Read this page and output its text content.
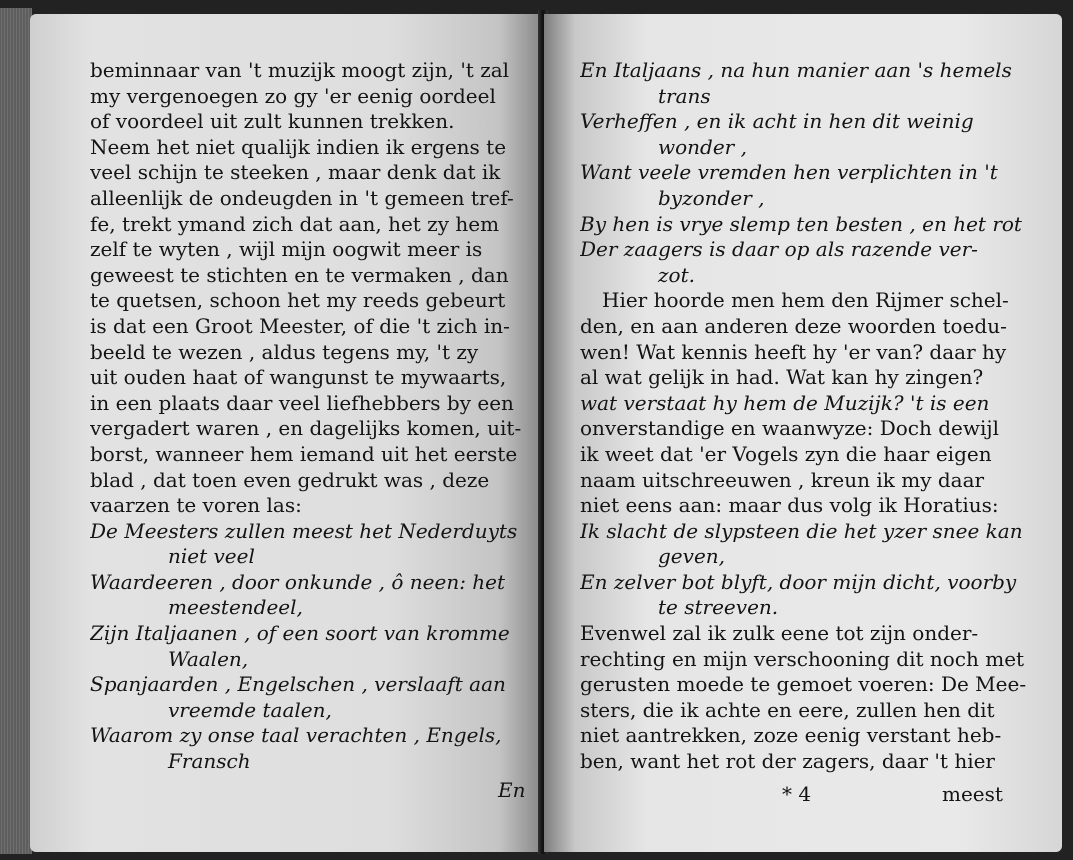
beminnaar van 't muzijk moogt zijn, 't zal
my vergenoegen zo gy 'er eenig oordeel
of voordeel uit zult kunnen trekken.
Neem het niet qualijk indien ik ergens te
veel schijn te steeken , maar denk dat ik
alleenlijk de ondeugden in 't gemeen tref-
fe, trekt ymand zich dat aan, het zy hem
zelf te wyten , wijl mijn oogwit meer is
geweest te stichten en te vermaken , dan
te quetsen, schoon het my reeds gebeurt
is dat een Groot Meester, of die 't zich in-
beeld te wezen , aldus tegens my, 't zy
uit ouden haat of wangunst te mywaarts,
in een plaats daar veel liefhebbers by een
vergadert waren , en dagelijks komen, uit-
borst, wanneer hem iemand uit het eerste
blad , dat toen even gedrukt was , deze
vaarzen te voren las:
De Meesters zullen meest het Nederduyts
niet veel
Waardeeren , door onkunde , ô neen: het
meestendeel,
Zijn Italjaanen , of een soort van kromme
Waalen,
Spanjaarden , Engelschen , verslaaft aan
vreemde taalen,
Waarom zy onse taal verachten , Engels,
Fransch
En
En Italjaans , na hun manier aan 's hemels
trans
Verheffen , en ik acht in hen dit weinig
wonder ,
Want veele vremden hen verplichten in 't
byzonder ,
By hen is vrye slemp ten besten , en het rot
Der zaagers is daar op als razende ver-
zot.
Hier hoorde men hem den Rijmer schel-
den, en aan anderen deze woorden toedu-
wen! Wat kennis heeft hy 'er van? daar hy
al wat gelijk in had. Wat kan hy zingen?
wat verstaat hy hem de Muzijk? 't is een
onverstandige en waanwyze: Doch dewijl
ik weet dat 'er Vogels zyn die haar eigen
naam uitschreeuwen , kreun ik my daar
niet eens aan: maar dus volg ik Horatius:
Ik slacht de slypsteen die het yzer snee kan
geven,
En zelver bot blyft, door mijn dicht, voorby
te streeven.
Evenwel zal ik zulk eene tot zijn onder-
rechting en mijn verschooning dit noch met
gerusten moede te gemoet voeren: De Mee-
sters, die ik achte en eere, zullen hen dit
niet aantrekken, zoze eenig verstant heb-
ben, want het rot der zagers, daar 't hier
* 4	meest
